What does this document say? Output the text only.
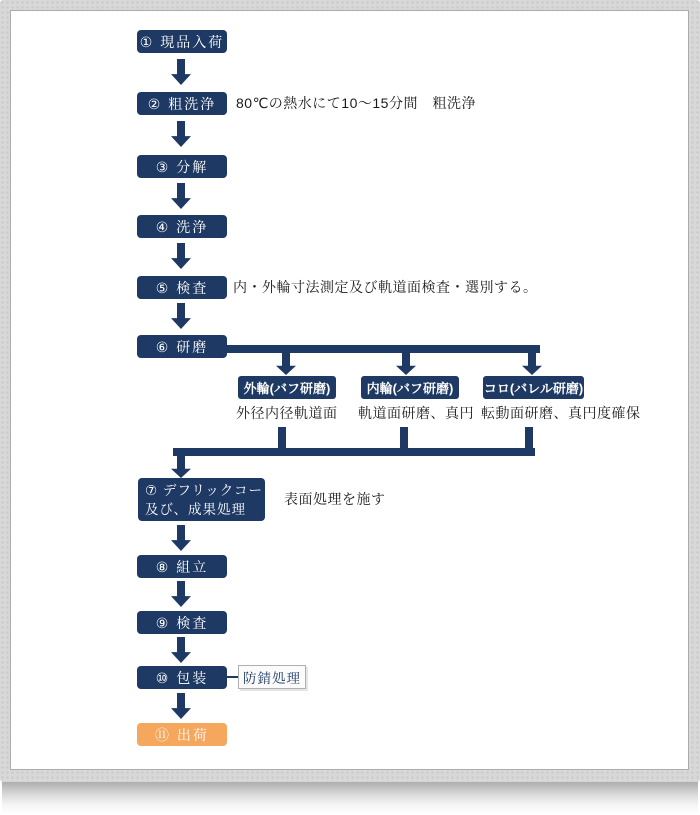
① 現品入荷
② 粗洗浄	80℃の熱水にて10〜15分間　粗洗浄
③ 分解
④ 洗浄
⑤ 検査	内・外輪寸法測定及び軌道面検査・選別する。
⑥ 研磨
外輪(バフ研磨)	内輪(バフ研磨)	コロ(バレル研磨)
外径内径軌道面 軌道面研磨、真円 転動面研磨、真円度確保
⑦ デフリックコート
及び、成果処理
表面処理を施す
⑧ 組立
⑨ 検査
⑩ 包装	防錆処理
⑪ 出荷
